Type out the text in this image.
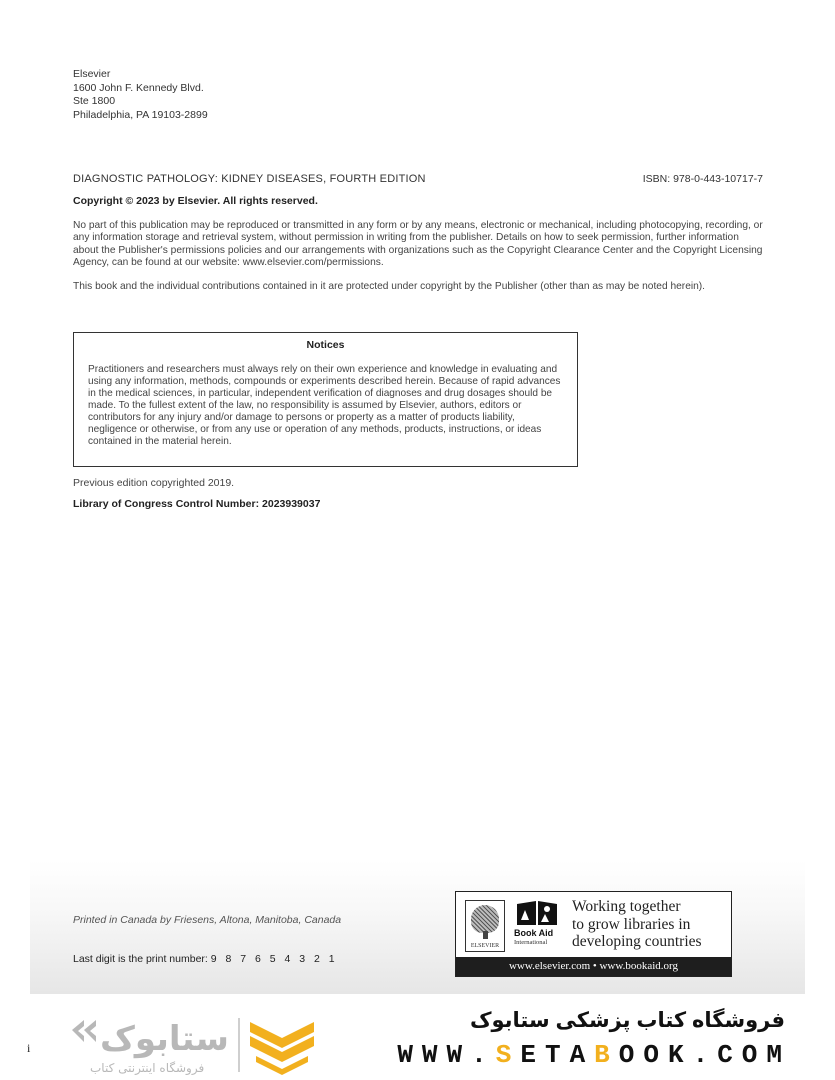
Elsevier
1600 John F. Kennedy Blvd.
Ste 1800
Philadelphia, PA 19103-2899
DIAGNOSTIC PATHOLOGY: KIDNEY DISEASES, FOURTH EDITION	ISBN: 978-0-443-10717-7
Copyright © 2023 by Elsevier. All rights reserved.
No part of this publication may be reproduced or transmitted in any form or by any means, electronic or mechanical, including photocopying, recording, or any information storage and retrieval system, without permission in writing from the publisher. Details on how to seek permission, further information about the Publisher's permissions policies and our arrangements with organizations such as the Copyright Clearance Center and the Copyright Licensing Agency, can be found at our website: www.elsevier.com/permissions.
This book and the individual contributions contained in it are protected under copyright by the Publisher (other than as may be noted herein).
Notices
Practitioners and researchers must always rely on their own experience and knowledge in evaluating and using any information, methods, compounds or experiments described herein. Because of rapid advances in the medical sciences, in particular, independent verification of diagnoses and drug dosages should be made. To the fullest extent of the law, no responsibility is assumed by Elsevier, authors, editors or contributors for any injury and/or damage to persons or property as a matter of products liability, negligence or otherwise, or from any use or operation of any methods, products, instructions, or ideas contained in the material herein.
Previous edition copyrighted 2019.
Library of Congress Control Number: 2023939037
Printed in Canada by Friesens, Altona, Manitoba, Canada
Last digit is the print number: 9 8 7 6 5 4 3 2 1
ELSEVIER
Book Aid
International
Working together
to grow libraries in
developing countries
www.elsevier.com • www.bookaid.org
i ستابوک
فروشگاه اینترنتی کتاب
فروشگاه کتاب پزشکی ستابوک
WWW.SETABOOK.COM
